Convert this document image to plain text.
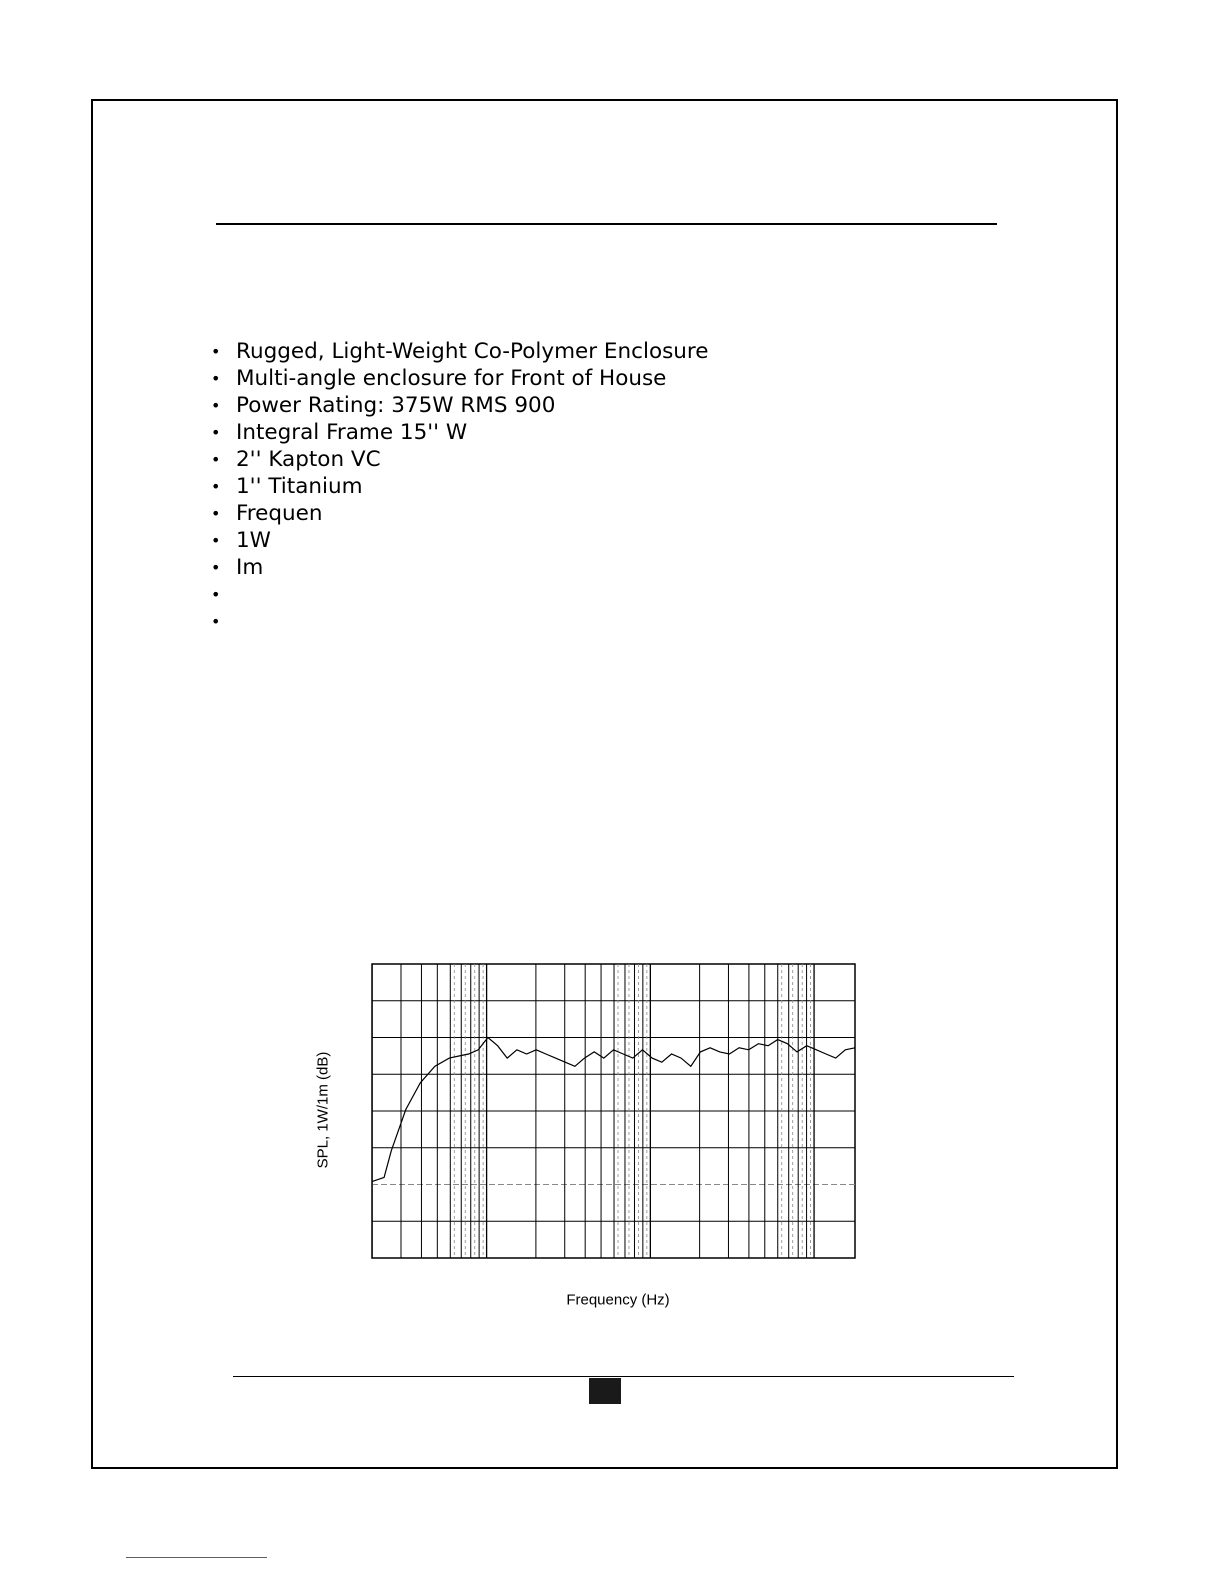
• Rugged, Light-Weight Co-Polymer Enclosure
• Multi-angle enclosure for Front of House
• Power Rating: 375W RMS 900
• Integral Frame 15'' W
• 2'' Kapton VC
• 1'' Titanium
• Frequen
• 1W
• Im
•
•
SPL, 1W/1m (dB)
Frequency (Hz)
